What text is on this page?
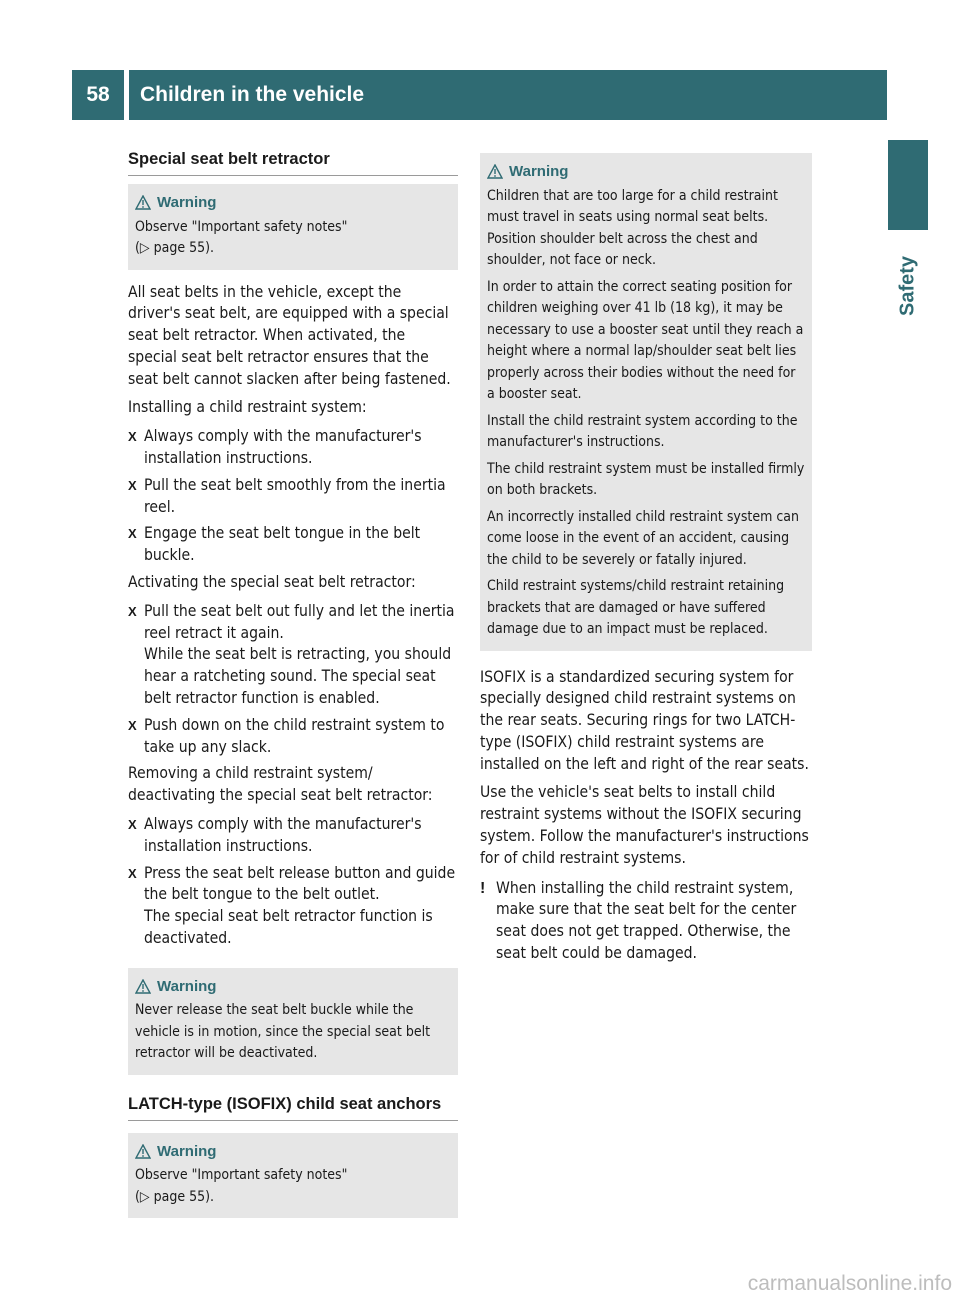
58	Children in the vehicle
Safety
Special seat belt retractor
Warning
Observe "Important safety notes"
(▷ page 55).

All seat belts in the vehicle, except the driver's seat belt, are equipped with a special seat belt retractor. When activated, the special seat belt retractor ensures that the seat belt cannot slacken after being fastened.

Installing a child restraint system:

X Always comply with the manufacturer's installation instructions.
X Pull the seat belt smoothly from the inertia reel.
X Engage the seat belt tongue in the belt buckle.

Activating the special seat belt retractor:

X Pull the seat belt out fully and let the inertia reel retract it again.
While the seat belt is retracting, you should hear a ratcheting sound. The special seat belt retractor function is enabled.
X Push down on the child restraint system to take up any slack.

Removing a child restraint system/ deactivating the special seat belt retractor:

X Always comply with the manufacturer's installation instructions.
X Press the seat belt release button and guide the belt tongue to the belt outlet.
The special seat belt retractor function is deactivated.
Warning

Never release the seat belt buckle while the vehicle is in motion, since the special seat belt retractor will be deactivated.

LATCH-type (ISOFIX) child seat anchors
Warning
Observe "Important safety notes"
(▷ page 55).
Warning

Children that are too large for a child restraint must travel in seats using normal seat belts. Position shoulder belt across the chest and shoulder, not face or neck.

In order to attain the correct seating position for children weighing over 41 lb (18 kg), it may be necessary to use a booster seat until they reach a height where a normal lap/shoulder seat belt lies properly across their bodies without the need for a booster seat.

Install the child restraint system according to the manufacturer's instructions.

The child restraint system must be installed firmly on both brackets.

An incorrectly installed child restraint system can come loose in the event of an accident, causing the child to be severely or fatally injured.

Child restraint systems/child restraint retaining brackets that are damaged or have suffered damage due to an impact must be replaced.

ISOFIX is a standardized securing system for specially designed child restraint systems on the rear seats. Securing rings for two LATCH-type (ISOFIX) child restraint systems are installed on the left and right of the rear seats.

Use the vehicle's seat belts to install child restraint systems without the ISOFIX securing system. Follow the manufacturer's instructions for of child restraint systems.

! When installing the child restraint system, make sure that the seat belt for the center seat does not get trapped. Otherwise, the seat belt could be damaged.
carmanualsonline.info
